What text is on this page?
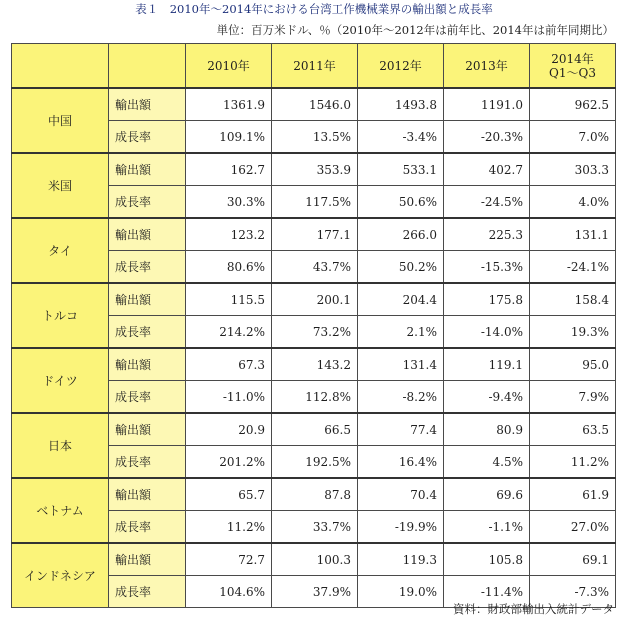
表１　2010年〜2014年における台湾工作機械業界の輸出額と成長率
単位：百万米ドル、％（2010年〜2012年は前年比、2014年は前年同期比）
		2010年	2011年	2012年	2013年	2014年
Q1〜Q3
中国	輸出額	1361.9	1546.0	1493.8	1191.0	962.5
	成長率	109.1%	13.5%	-3.4%	-20.3%	7.0%
米国	輸出額	162.7	353.9	533.1	402.7	303.3
	成長率	30.3%	117.5%	50.6%	-24.5%	4.0%
タイ	輸出額	123.2	177.1	266.0	225.3	131.1
	成長率	80.6%	43.7%	50.2%	-15.3%	-24.1%
トルコ	輸出額	115.5	200.1	204.4	175.8	158.4
	成長率	214.2%	73.2%	2.1%	-14.0%	19.3%
ドイツ	輸出額	67.3	143.2	131.4	119.1	95.0
	成長率	-11.0%	112.8%	-8.2%	-9.4%	7.9%
日本	輸出額	20.9	66.5	77.4	80.9	63.5
	成長率	201.2%	192.5%	16.4%	4.5%	11.2%
ベトナム	輸出額	65.7	87.8	70.4	69.6	61.9
	成長率	11.2%	33.7%	-19.9%	-1.1%	27.0%
インドネシア	輸出額	72.7	100.3	119.3	105.8	69.1
	成長率	104.6%	37.9%	19.0%	-11.4%	-7.3%
資料：財政部輸出入統計データ
